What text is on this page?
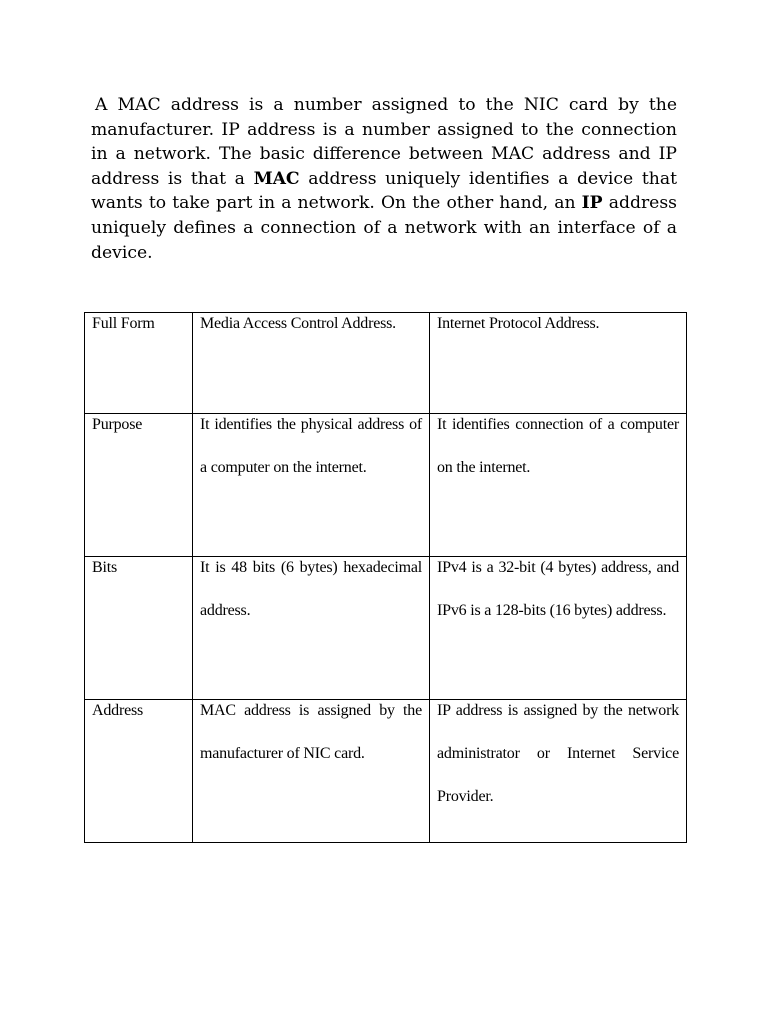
A MAC address is a number assigned to the NIC card by the manufacturer. IP address is a number assigned to the connection in a network. The basic difference between MAC address and IP address is that a MAC address uniquely identifies a device that wants to take part in a network. On the other hand, an IP address uniquely defines a connection of a network with an interface of a device.

Full Form	Media Access Control Address.	Internet Protocol Address.

Purpose	It identifies the physical address of a computer on the internet.	It identifies connection of a computer on the internet.

Bits	It is 48 bits (6 bytes) hexadecimal address.	IPv4 is a 32-bit (4 bytes) address, and IPv6 is a 128-bits (16 bytes) address.

Address	MAC address is assigned by the manufacturer of NIC card.	IP address is assigned by the network administrator or Internet Service Provider.
